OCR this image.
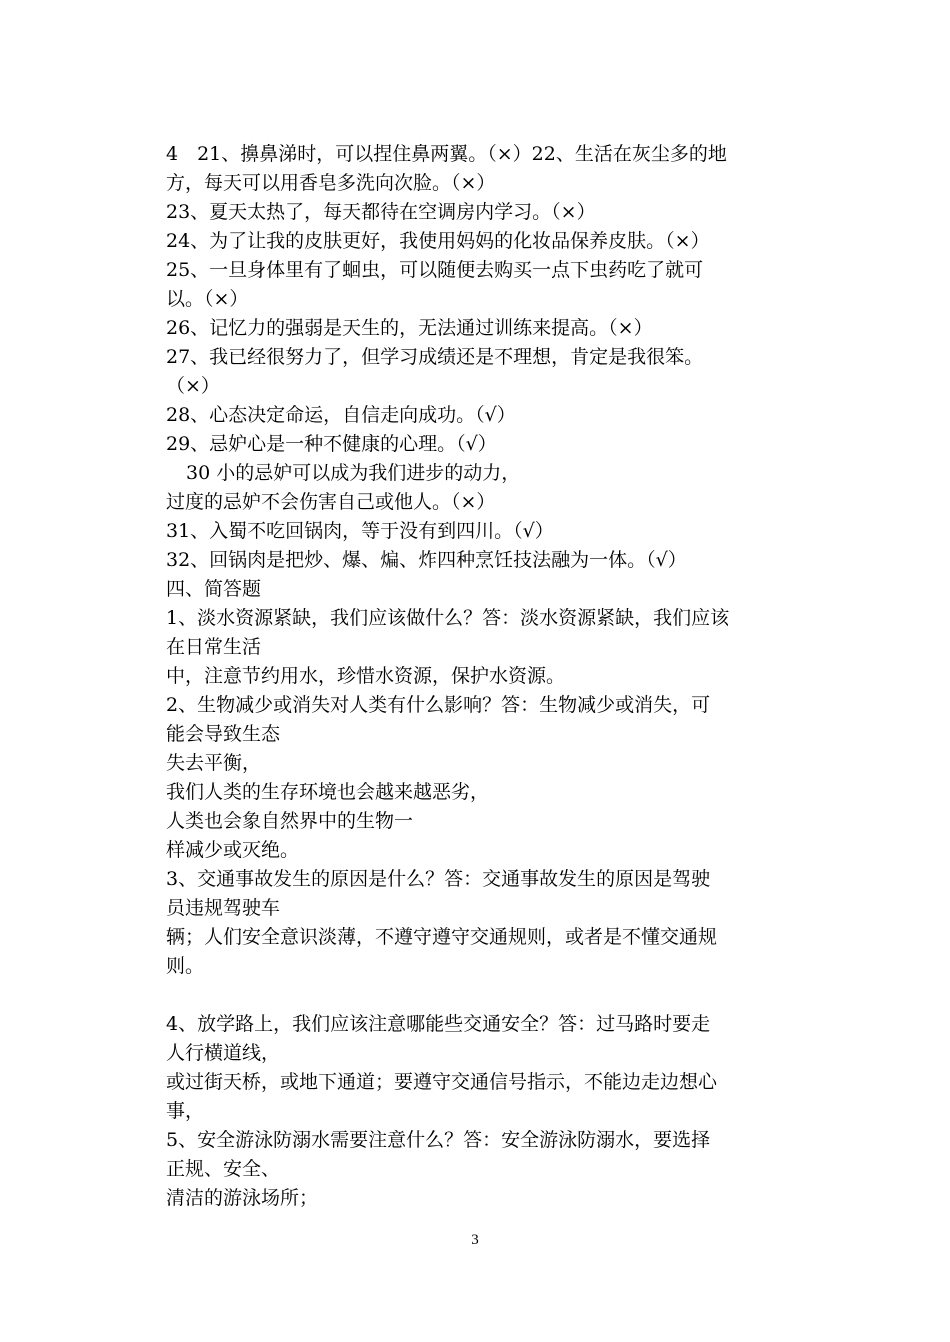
4　21、擤鼻涕时，可以捏住鼻两翼。（×）22、生活在灰尘多的地
方，每天可以用香皂多洗向次脸。（×）
23、夏天太热了，每天都待在空调房内学习。（×）
24、为了让我的皮肤更好，我使用妈妈的化妆品保养皮肤。（×）
25、一旦身体里有了蛔虫，可以随便去购买一点下虫药吃了就可
以。（×）
26、记忆力的强弱是天生的，无法通过训练来提高。（×）
27、我已经很努力了，但学习成绩还是不理想，肯定是我很笨。
（×）
28、心态决定命运，自信走向成功。（√）
29、忌妒心是一种不健康的心理。（√）
30 小的忌妒可以成为我们进步的动力，
过度的忌妒不会伤害自己或他人。（×）
31、入蜀不吃回锅肉，等于没有到四川。（√）
32、回锅肉是把炒、爆、煸、炸四种烹饪技法融为一体。（√）
四、简答题
1、淡水资源紧缺，我们应该做什么？答：淡水资源紧缺，我们应该
在日常生活
中，注意节约用水，珍惜水资源，保护水资源。
2、生物减少或消失对人类有什么影响？答：生物减少或消失，可
能会导致生态
失去平衡，
我们人类的生存环境也会越来越恶劣，
人类也会象自然界中的生物一
样减少或灭绝。
3、交通事故发生的原因是什么？答：交通事故发生的原因是驾驶
员违规驾驶车
辆；人们安全意识淡薄，不遵守遵守交通规则，或者是不懂交通规
则。
4、放学路上，我们应该注意哪能些交通安全？答：过马路时要走
人行横道线，
或过街天桥，或地下通道；要遵守交通信号指示，不能边走边想心
事，
5、安全游泳防溺水需要注意什么？答：安全游泳防溺水，要选择
正规、安全、
清洁的游泳场所；
3
